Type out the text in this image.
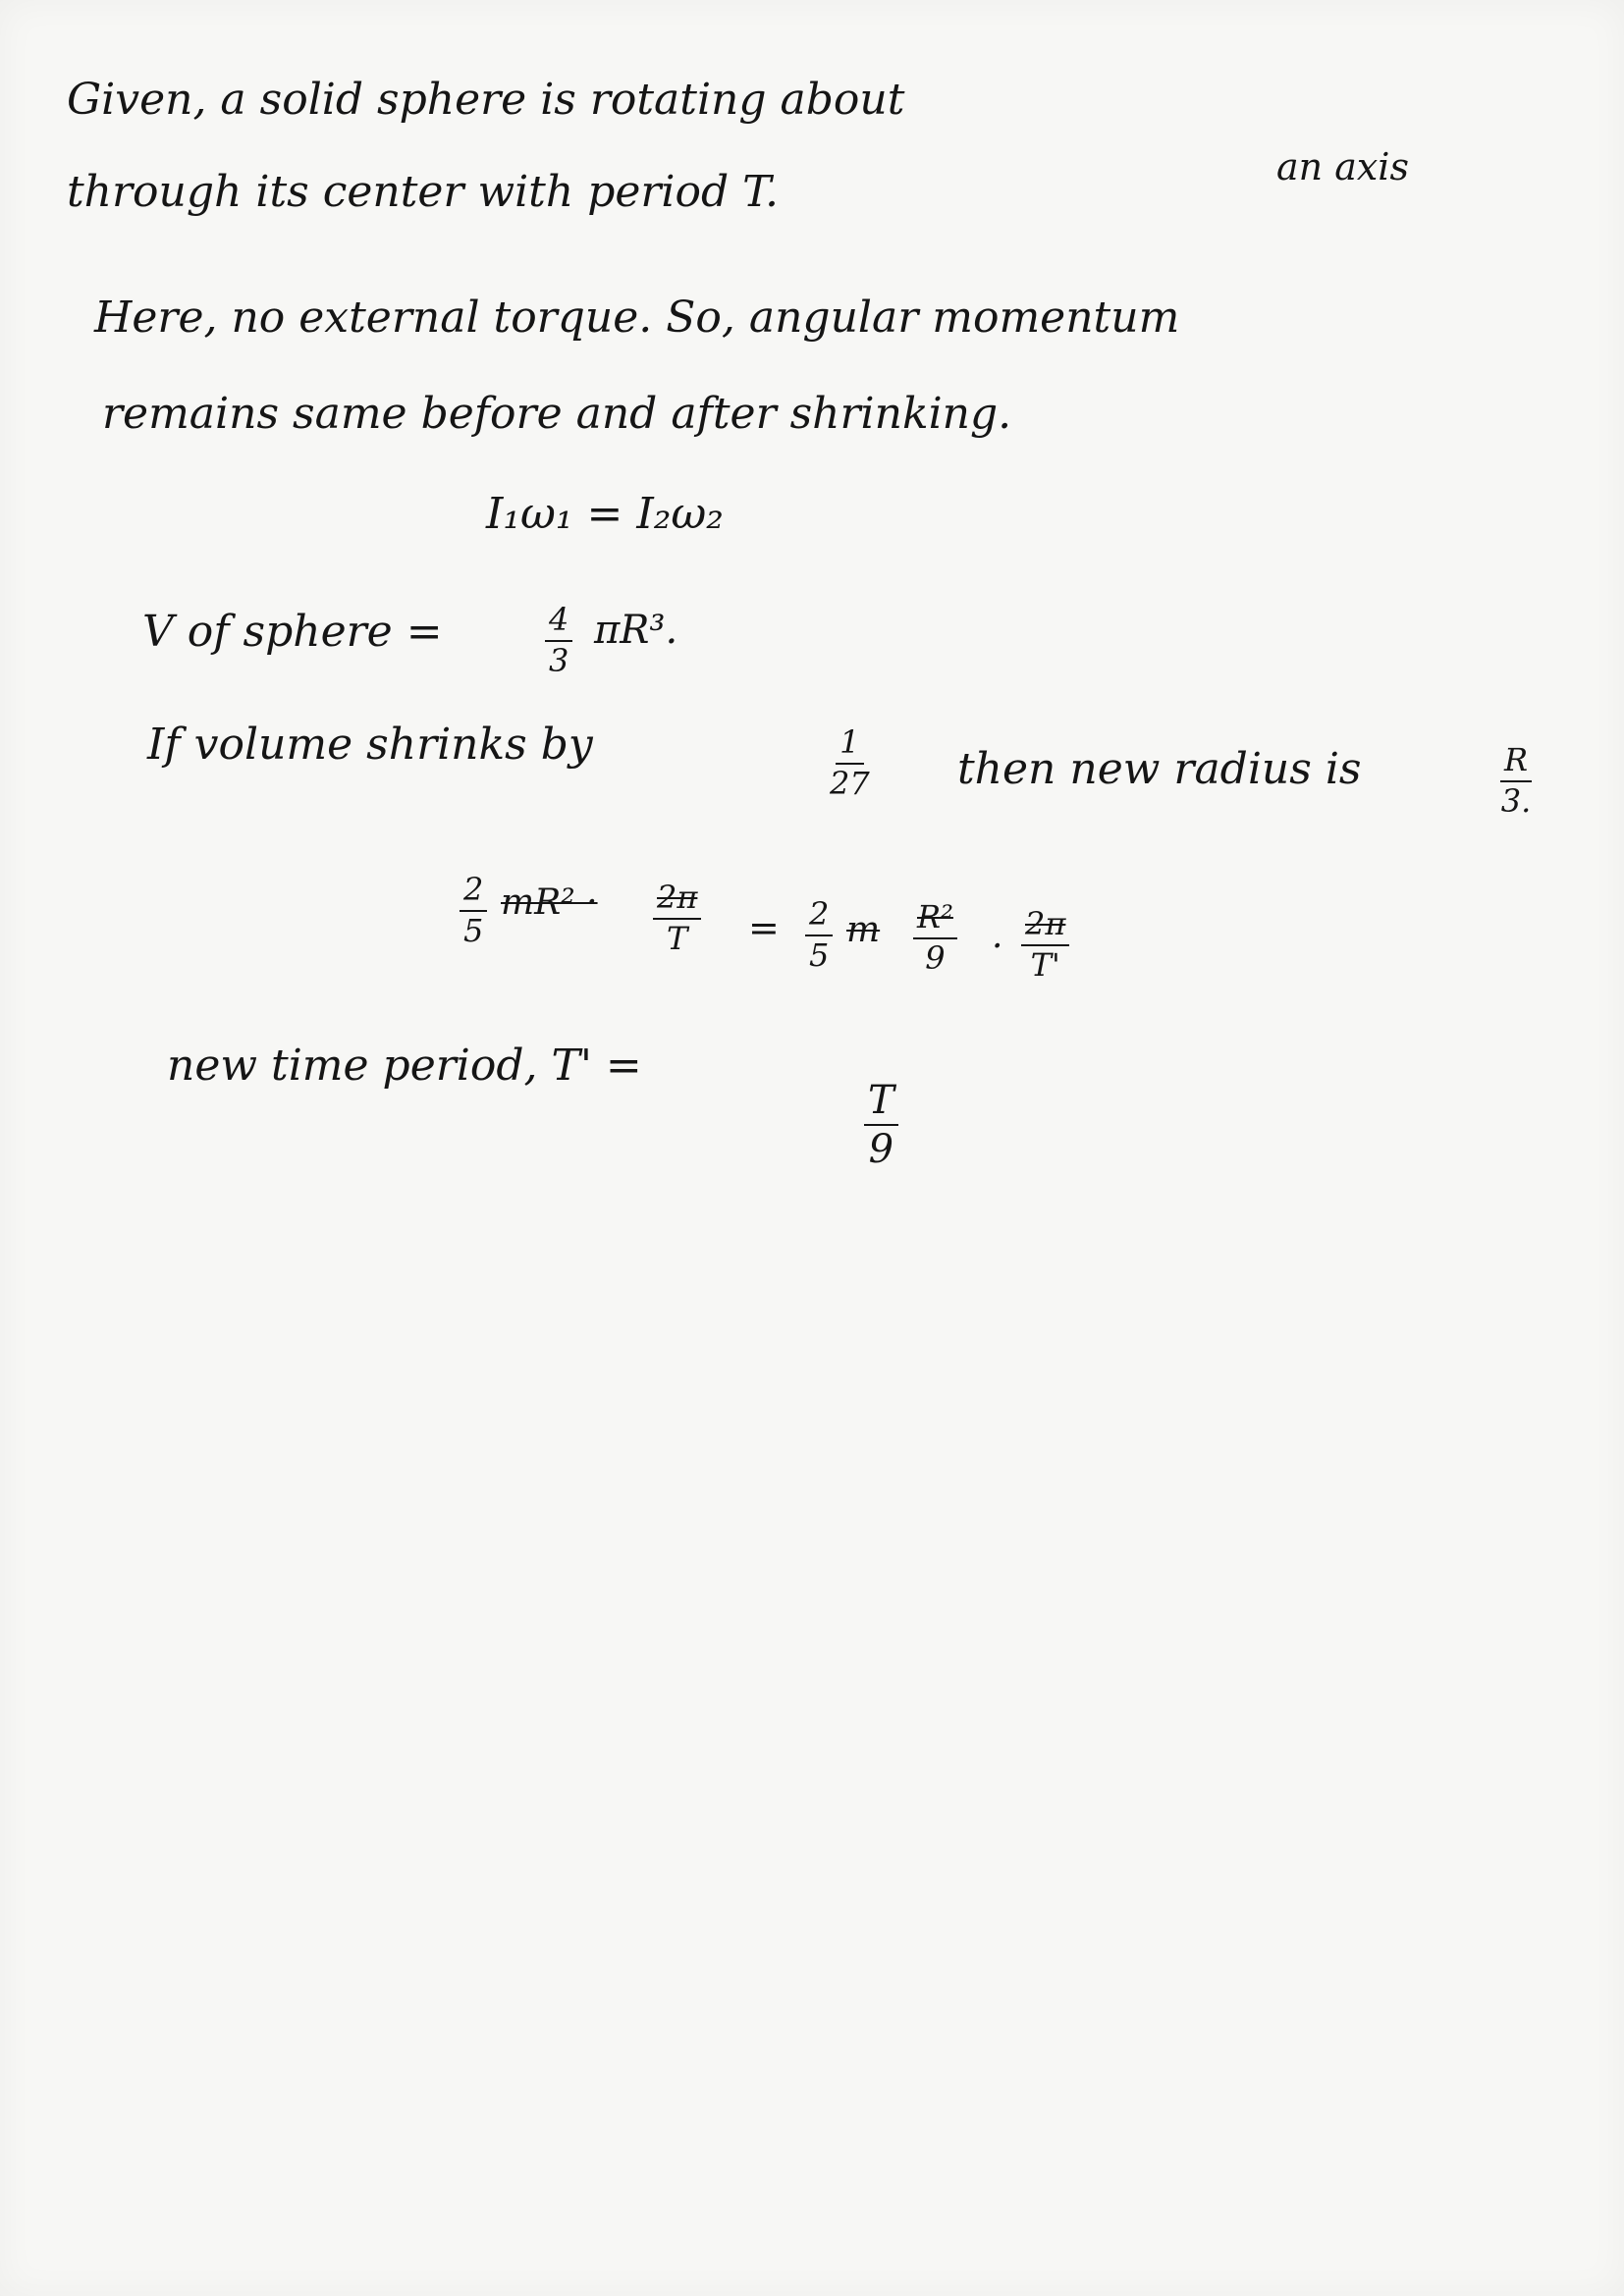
Given, a solid sphere is rotating about
an axis
through its center with period T.
Here, no external torque. So, angular momentum
remains same before and after shrinking.
I₁ω₁ = I₂ω₂
V of sphere =	$\frac{4}{3} \pi R^3$.
If volume shrinks by	$\frac{1}{27}$ then new radius is	$\frac{R}{3.}$
$\frac{2}{5} mR^2 \cdot \frac{2\pi}{T} = \frac{2}{5}$ m $\frac{\text{R²}}{9} \cdot \frac{2\pi}{T'}$
new time period, T' =
$\frac{T}{9}$
